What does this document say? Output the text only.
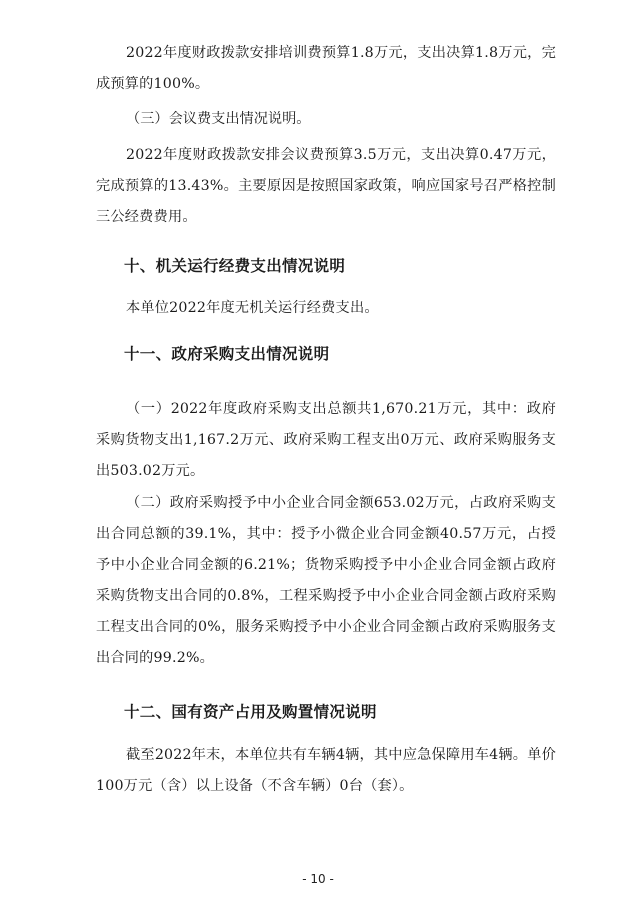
2022年度财政拨款安排培训费预算1.8万元，支出决算1.8万元，完成预算的100%。

（三）会议费支出情况说明。

2022年度财政拨款安排会议费预算3.5万元，支出决算0.47万元，完成预算的13.43%。主要原因是按照国家政策，响应国家号召严格控制三公经费费用。

十、机关运行经费支出情况说明

本单位2022年度无机关运行经费支出。

十一、政府采购支出情况说明

（一）2022年度政府采购支出总额共1,670.21万元，其中：政府采购货物支出1,167.2万元、政府采购工程支出0万元、政府采购服务支出503.02万元。

（二）政府采购授予中小企业合同金额653.02万元，占政府采购支出合同总额的39.1%，其中：授予小微企业合同金额40.57万元，占授予中小企业合同金额的6.21%；货物采购授予中小企业合同金额占政府采购货物支出合同的0.8%，工程采购授予中小企业合同金额占政府采购工程支出合同的0%，服务采购授予中小企业合同金额占政府采购服务支出合同的99.2%。

十二、国有资产占用及购置情况说明

截至2022年末，本单位共有车辆4辆，其中应急保障用车4辆。单价100万元（含）以上设备（不含车辆）0台（套）。

- 10 -
